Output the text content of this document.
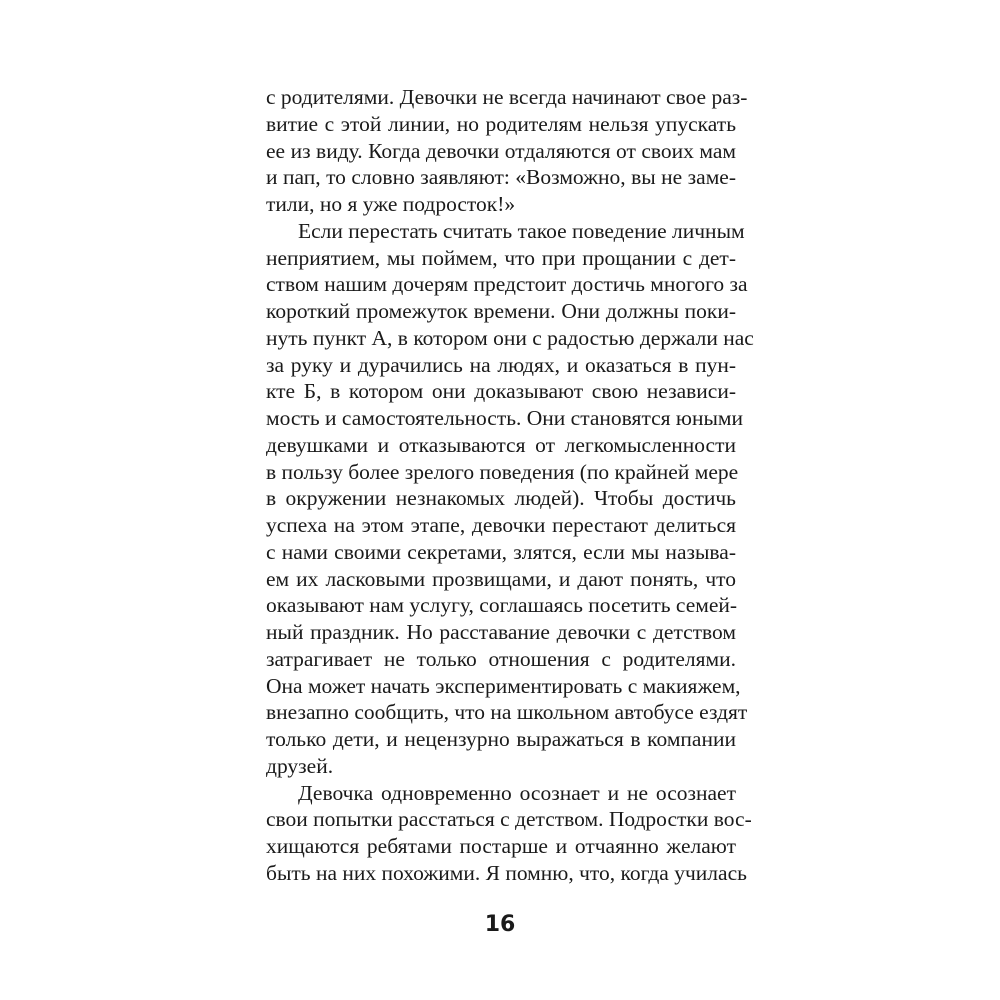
с родителями. Девочки не всегда начинают свое раз-
витие с этой линии, но родителям нельзя упускать
ее из виду. Когда девочки отдаляются от своих мам
и пап, то словно заявляют: «Возможно, вы не заме-
тили, но я уже подросток!»
Если перестать считать такое поведение личным
неприятием, мы поймем, что при прощании с дет-
ством нашим дочерям предстоит достичь многого за
короткий промежуток времени. Они должны поки-
нуть пункт А, в котором они с радостью держали нас
за руку и дурачились на людях, и оказаться в пун-
кте Б, в котором они доказывают свою независи-
мость и самостоятельность. Они становятся юными
девушками и отказываются от легкомысленности
в пользу более зрелого поведения (по крайней мере
в окружении незнакомых людей). Чтобы достичь
успеха на этом этапе, девочки перестают делиться
с нами своими секретами, злятся, если мы называ-
ем их ласковыми прозвищами, и дают понять, что
оказывают нам услугу, соглашаясь посетить семей-
ный праздник. Но расставание девочки с детством
затрагивает не только отношения с родителями.
Она может начать экспериментировать с макияжем,
внезапно сообщить, что на школьном автобусе ездят
только дети, и нецензурно выражаться в компании
друзей.
Девочка одновременно осознает и не осознает
свои попытки расстаться с детством. Подростки вос-
хищаются ребятами постарше и отчаянно желают
быть на них похожими. Я помню, что, когда училась
16
